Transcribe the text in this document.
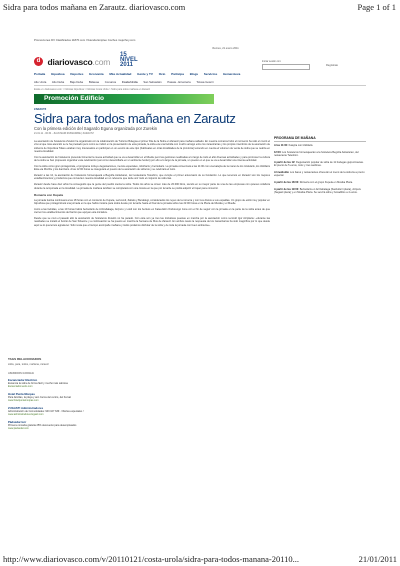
Sidra para todos mañana en Zarautz. diariovasco.com	Page 1 of 1
Promociones DV Clasificados 11870.com Vivienda Empleo Coches mujerhoy.com
Viernes, 21 enero 2011
d diariovasco.com
15 NIVEL 2011
Iniciar sesión con:
Regístrate
Portada Gipuzkoa Deportes Economía Más Actualidad Gente y TV Ocio Participa Blogs Servicios Hemeroteca
Alto Urola Alto Deba Bajo Deba Bidasoa Comarca Costa Urola San Sebastián Pasaia - Errenteria Tolosa Goierri
Estás en: diariovasco.com > Noticias Gipuzkoa > Noticias Costa Urola > Sidra para todos mañana en Zarautz
Promoción Edificio
ZARAUTZ
Sidra para todos mañana en Zarautz
Con la primera edición del Sagardo Eguna organizada por Zurekin
21.01.11 - 00:34 - JUAN MARI ZUBIAURRE | ZARAUTZ

La asociación de hosteleros Zurekin ha organizado con la colaboración de Turismo Bulegoa el primer Día de la Sidra en Zarautz para mañana sábado. En nuestra comarca hubo el momento ha sido el creció el vino al que más atención se le ha prestado pero como se indicó en la presentación de esta jornada, la sidra era una bebida con mucho arraigo entre los zarautzarras y los propios miembros de la asociación de sidreros de Gipuzkoa Tolare estaban muy interesados en participar en un evento de este tipo (habituales en otras localidades de la provincia) teniendo en cuenta el volumen de venta de sidra que se realiza en nuestra localidad.

Con la asociación de hosteleros pretende fomentar la nueva actividad que se va a desarrollar en el Muelle pero las gestiones realizadas a lo largo de todo el año diversas actividades y para promover la cultura de la sidra se han propuesto organizar esta celebración (así como desarrollarla en un ambiente festivo) por ello a lo largo de la jornada, un puesto en el que se va a desarrollar una intensa actividad.

Con la sidra como gran protagonista, el programa incluye degustaciones, menús especiales, txitxiharis y bertsolaris. La jornada comenzará a las 11:00 con una kalejira de la mano de los txistularis, los trikitilaris Elva eta Mozhle y los dantzaris. A las 12:00 horas se inaugurará el puesto de la asociación de sidreros y se celebrará el txotx.

Zarautz a las 12, la asociación de hosteleros homenajeará a Begoña Astiazaran, del restaurante Telesforo, que cumple el primer aniversario de su fundación. Lo que tenemos en Zarautz son los mejores establecimientos y productos que convierten nuestra localidad en un referente que debe unir todo el conjunto de sidrerías.

Zarautz desde hace diez años ha conseguido que la gente del pueblo sienta la sidra. Todos los años se sirven más de 20.000 litros, siendo en su mayor parte de una de las empresas con quienes colabora durante la temporada en la localidad. La jornada de mañana también se completará con una txosna en la que por la tarde se podrá adquirir el tíquet para consumir.

Romería con Kupela

La jornada festiva continuará a las 18 horas con el concierto de Kupela, Lertxundi, Zabalo y Beraldegi, considerados los reyes de la romería y con tres discos a sus espaldas. Un grupo de estilo muy popular en Gipuzkoa que protagonizará una jornada en la que habrá música para todos desde por la tarde hasta el final de la jornada sobre las 22:00 horas en la Plaza de Musika y el Muelle.

Junto a las bebidas, a las 19 horas habrá bertsolaris de Arrizabalaga, Aizpuru y Loidi con los bertsos en Kalea Ekin Ondorengo zona con el fin de seguir con la jornada en la parte de la sidra antes de que cierren los establecimientos del barrio que apoyan esta iniciativa.

Desde que se creó el pasado año la asociación de hosteleros Zurekin no ha parado. Con ésta son ya tres las iniciativas puestas en marcha por la asociación como recordó Igor Aizpitarte: «durante las navidades se instaló el bonito de San Silvestre y a continuación se ha puesto en marcha la Semana de Mus de Zarautz. En ambos casos la respuesta de los zarautzarras ha sido magnífica por lo que desde aquí se lo queremos agradecer. Sólo resta que el tiempo acompañe mañana y todos podamos disfrutar de la sidra y de toda la jornada con buen ambiente».

PROGRAMA DE MAÑANA

A las 11:00: Kalejira con trikitilaris.

12:00: Los hosteleros homenajearán a la hostelera Begoña Astiazaran, del restaurante Telesforo.

A partir de las 12: Degustación popular de sidra de 11 bodegas guipuzcoanas. El precio de 5 euros, txotx y tres sardinas.

Al mediodía: Los bares y restaurantes ofrecerán el menú de la sidrería a precio especial.

A partir de las 18:00: Romería con el grupo Kupela en Musika Plaza.

A partir de las 19:00: Bertsolaris en Arrizabalaga (Sarduiturri plaza), Aizpuru (Sagasti plaza) y en Musika Plaza. Se servirá sidra y bocadillos a 4 euros.

TAGS RELACIONADOS
sidra, para, todos, mañana, zarautz
ANUNCIOS GOOGLE
Escanciador Eléctrico
Escancia la sidra de forma fácil y mucho más sabrosa
Escanciador.webs.com
Hotel Punta Monpas
Para familias, la playa y aún Cerca del centro, del Kursal
www.hotelpuntamonpas.com
ZUGASTI Administradores
Administración de Comunidades: 943 107 639 · Ofertas especiales !
www.administradoreszugasti.com
Pádsúdar Iurr
Primera consulta gratuita 25% descuento para desempleados
www.padsudar.com
http://www.diariovasco.com/v/20110121/costa-urola/sidra-para-todos-manana-20110...	21/01/2011
